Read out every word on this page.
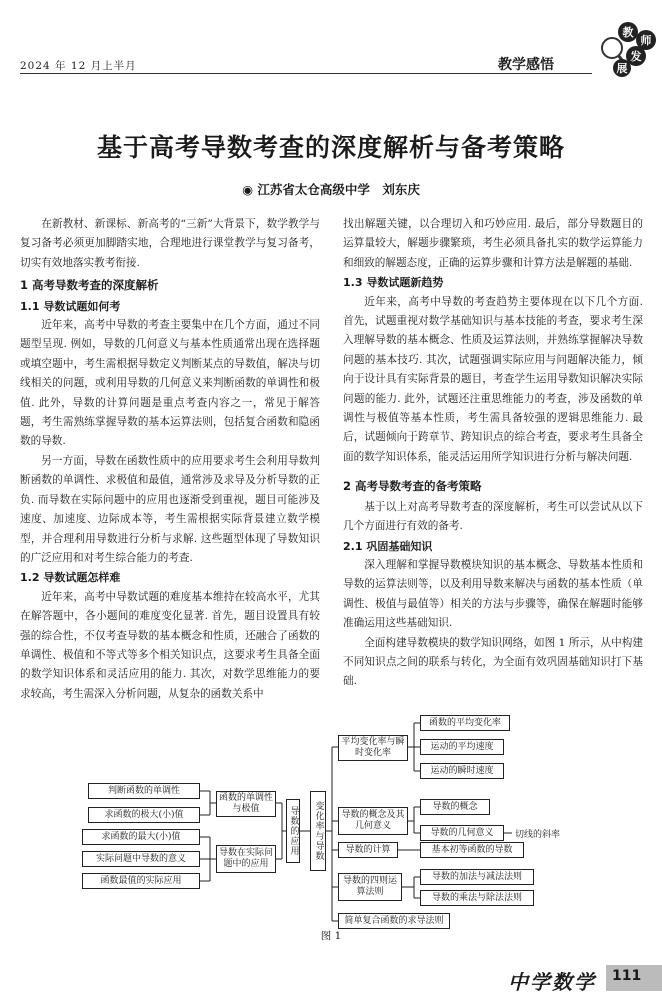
2024 年 12 月上半月	教学感悟
教
师
发
展
基于高考导数考查的深度解析与备考策略
◉ 江苏省太仓高级中学　刘东庆

在新教材、新课标、新高考的“三新”大背景下，数学教学与复习备考必须更加脚踏实地，合理地进行课堂教学与复习备考，切实有效地落实教考衔接.

1 高考导数考查的深度解析
1.1 导数试题如何考

近年来，高考中导数的考查主要集中在几个方面，通过不同题型呈现. 例如，导数的几何意义与基本性质通常出现在选择题或填空题中，考生需根据导数定义判断某点的导数值，解决与切线相关的问题，或利用导数的几何意义来判断函数的单调性和极值. 此外，导数的计算问题是重点考查内容之一，常见于解答题，考生需熟练掌握导数的基本运算法则，包括复合函数和隐函数的导数.

另一方面，导数在函数性质中的应用要求考生会利用导数判断函数的单调性、求极值和最值，通常涉及求导及分析导数的正负. 而导数在实际问题中的应用也逐渐受到重视，题目可能涉及速度、加速度、边际成本等，考生需根据实际背景建立数学模型，并合理利用导数进行分析与求解. 这些题型体现了导数知识的广泛应用和对考生综合能力的考查.

1.2 导数试题怎样难

近年来，高考中导数试题的难度基本维持在较高水平，尤其在解答题中，各小题间的难度变化显著. 首先，题目设置具有较强的综合性，不仅考查导数的基本概念和性质，还融合了函数的单调性、极值和不等式等多个相关知识点，这要求考生具备全面的数学知识体系和灵活应用的能力. 其次，对数学思维能力的要求较高，考生需深入分析问题，从复杂的函数关系中

找出解题关键，以合理切入和巧妙应用. 最后，部分导数题目的运算量较大，解题步骤繁琐，考生必须具备扎实的数学运算能力和细致的解题态度，正确的运算步骤和计算方法是解题的基础.

1.3 导数试题新趋势

近年来，高考中导数的考查趋势主要体现在以下几个方面. 首先，试题重视对数学基础知识与基本技能的考查，要求考生深入理解导数的基本概念、性质及运算法则，并熟练掌握解决导数问题的基本技巧. 其次，试题强调实际应用与问题解决能力，倾向于设计具有实际背景的题目，考查学生运用导数知识解决实际问题的能力. 此外，试题还注重思维能力的考查，涉及函数的单调性与极值等基本性质，考生需具备较强的逻辑思维能力. 最后，试题倾向于跨章节、跨知识点的综合考查，要求考生具备全面的数学知识体系，能灵活运用所学知识进行分析与解决问题.

2 高考导数考查的备考策略

基于以上对高考导数考查的深度解析，考生可以尝试从以下几个方面进行有效的备考.

2.1 巩固基础知识

深入理解和掌握导数模块知识的基本概念、导数基本性质和导数的运算法则等，以及利用导数来解决与函数的基本性质（单调性、极值与最值等）相关的方法与步骤等，确保在解题时能够准确运用这些基础知识.

全面构建导数模块的数学知识网络，如图 1 所示，从中构建不同知识点之间的联系与转化，为全面有效巩固基础知识打下基础.

判断函数的单调性
求函数的极大(小)值
求函数的最大(小)值
实际问题中导数的意义
函数最值的实际应用
函数的单调性与极值
导数在实际问题中的应用
导数的应用	变化率与导数
平均变化率与瞬时变化率
函数的平均变化率
运动的平均速度
运动的瞬时速度
导数的概念及其几何意义
导数的概念
导数的几何意义	切线的斜率
导数的计算	基本初等函数的导数
导数的四则运算法则
导数的加法与减法法则
导数的乘法与除法法则
简单复合函数的求导法则
图 1
中学数学 111
